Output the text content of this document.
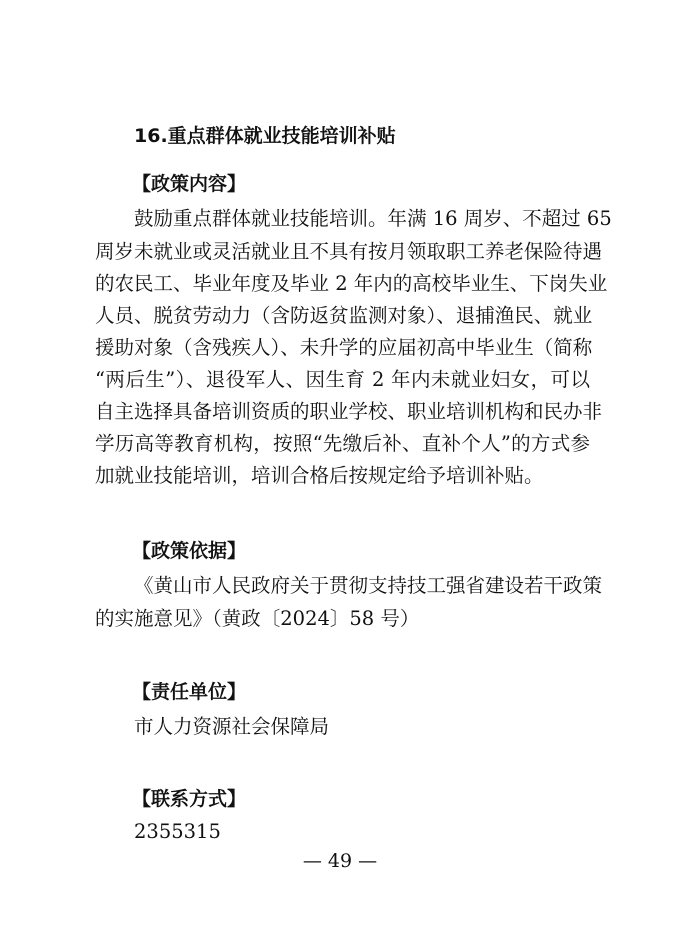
16.重点群体就业技能培训补贴
【政策内容】
鼓励重点群体就业技能培训。年满 16 周岁、不超过 65
周岁未就业或灵活就业且不具有按月领取职工养老保险待遇
的农民工、毕业年度及毕业 2 年内的高校毕业生、下岗失业
人员、脱贫劳动力（含防返贫监测对象）、退捕渔民、就业
援助对象（含残疾人）、未升学的应届初高中毕业生（简称
“两后生”）、退役军人、因生育 2 年内未就业妇女，可以
自主选择具备培训资质的职业学校、职业培训机构和民办非
学历高等教育机构，按照“先缴后补、直补个人”的方式参
加就业技能培训，培训合格后按规定给予培训补贴。
【政策依据】
《黄山市人民政府关于贯彻支持技工强省建设若干政策
的实施意见》（黄政〔2024〕58 号）
【责任单位】
市人力资源社会保障局
【联系方式】
2355315
— 49 —
